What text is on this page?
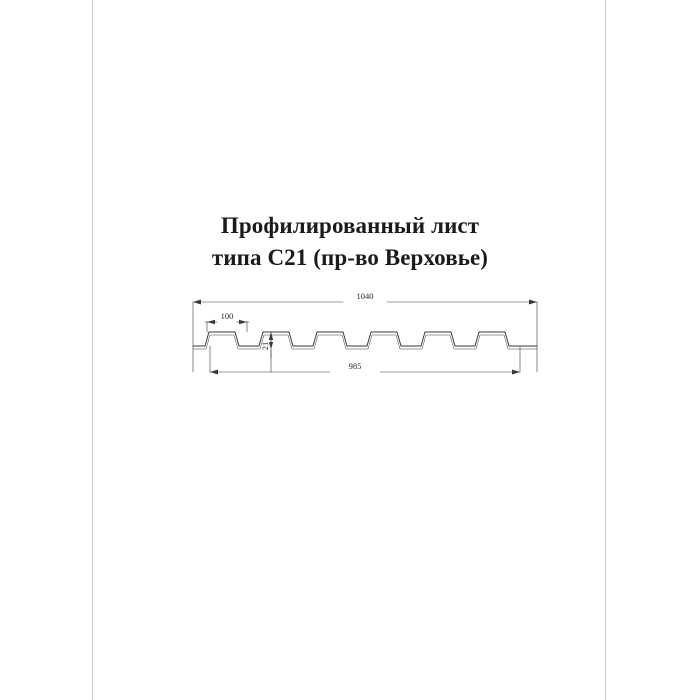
Профилированный лист
типа С21 (пр-во Верховье)
1040
100
21
985
